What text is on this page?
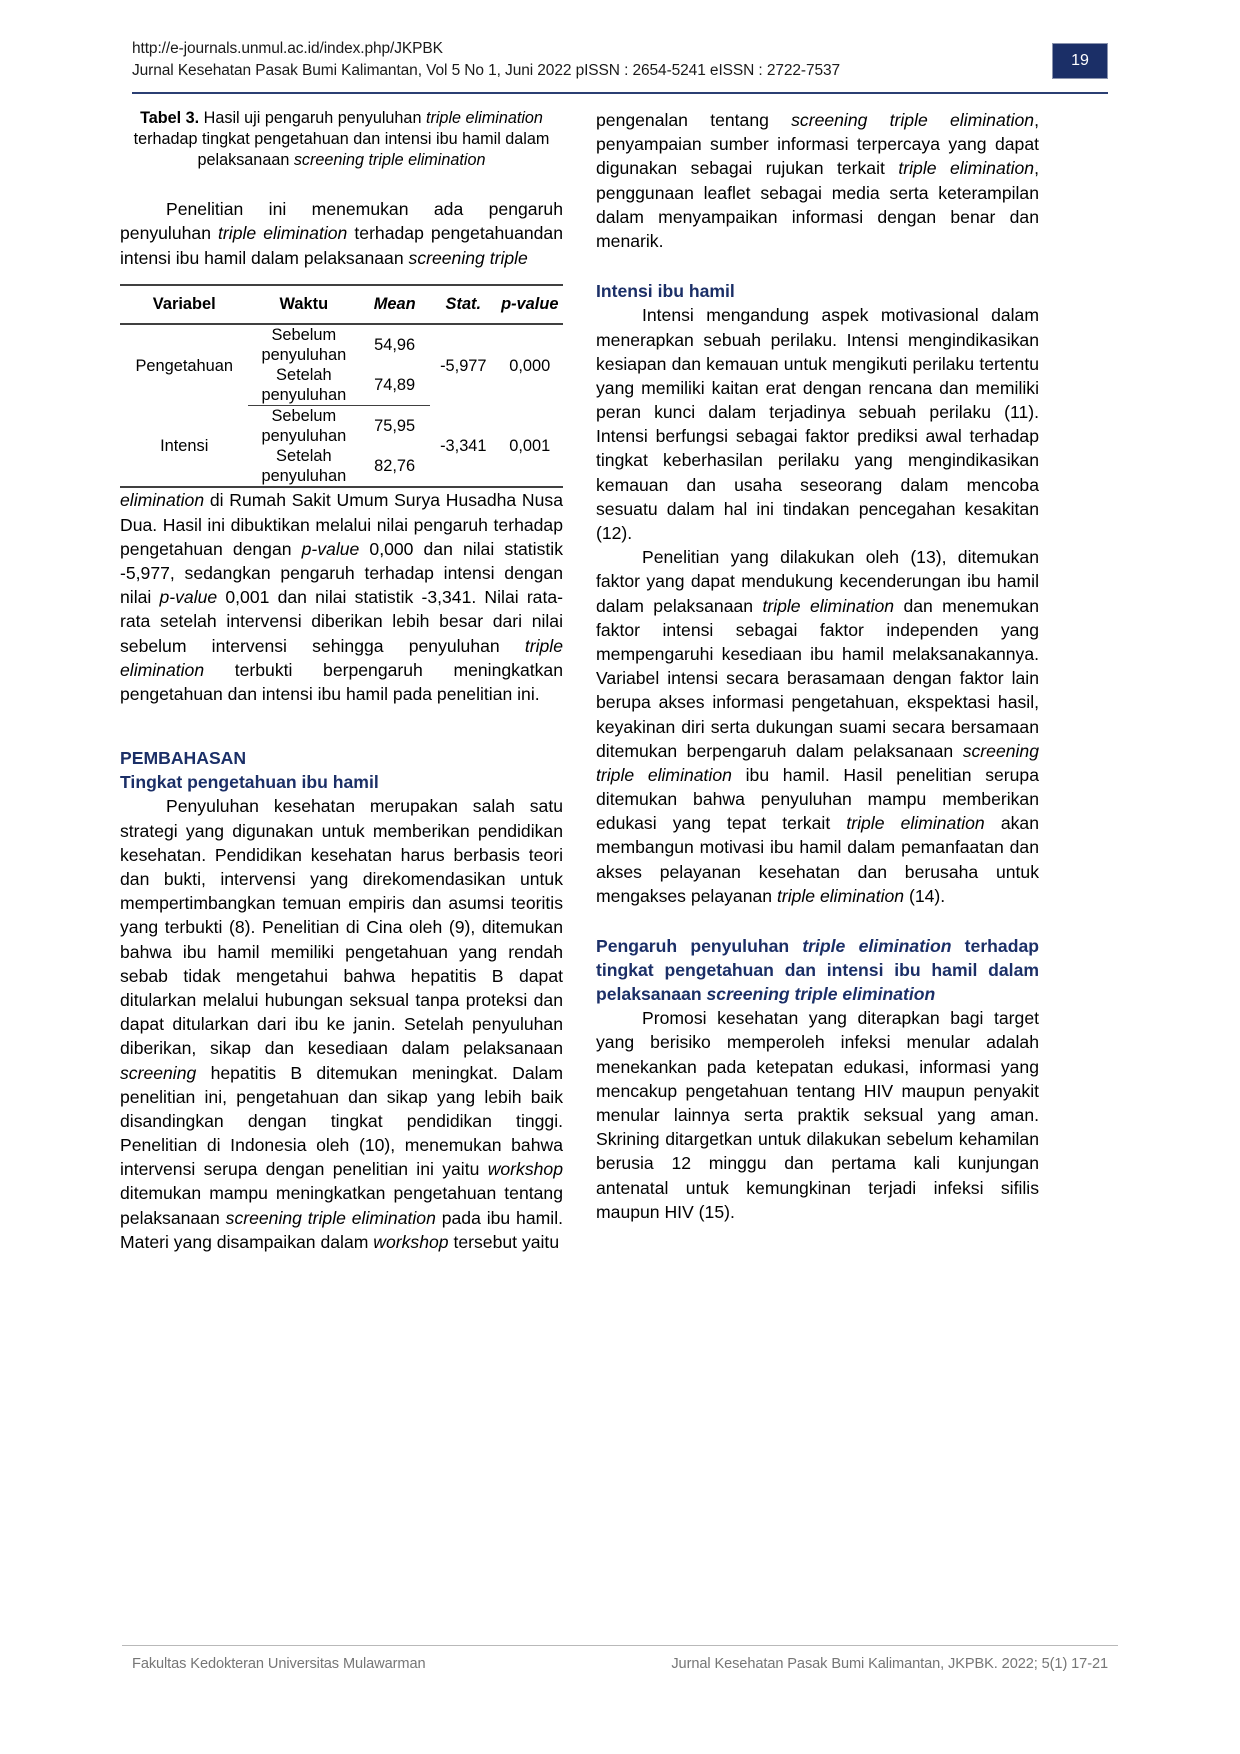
http://e-journals.unmul.ac.id/index.php/JKPBK
Jurnal Kesehatan Pasak Bumi Kalimantan, Vol 5 No 1, Juni 2022 pISSN : 2654-5241 eISSN : 2722-7537
19

Tabel 3. Hasil uji pengaruh penyuluhan triple elimination terhadap tingkat pengetahuan dan intensi ibu hamil dalam pelaksanaan screening triple elimination

Penelitian ini menemukan ada pengaruh penyuluhan triple elimination terhadap pengetahuandan intensi ibu hamil dalam pelaksanaan screening triple

Variabel	Waktu	Mean	Stat.	p-value
Pengetahuan	Sebelum penyuluhan	54,96	-5,977	0,000
	Setelah penyuluhan	74,89		
Intensi	Sebelum penyuluhan	75,95	-3,341	0,001
	Setelah penyuluhan	82,76		

elimination di Rumah Sakit Umum Surya Husadha Nusa Dua. Hasil ini dibuktikan melalui nilai pengaruh terhadap pengetahuan dengan p-value 0,000 dan nilai statistik -5,977, sedangkan pengaruh terhadap intensi dengan nilai p-value 0,001 dan nilai statistik -3,341. Nilai rata-rata setelah intervensi diberikan lebih besar dari nilai sebelum intervensi sehingga penyuluhan triple elimination terbukti berpengaruh meningkatkan pengetahuan dan intensi ibu hamil pada penelitian ini.

PEMBAHASAN
Tingkat pengetahuan ibu hamil

Penyuluhan kesehatan merupakan salah satu strategi yang digunakan untuk memberikan pendidikan kesehatan. Pendidikan kesehatan harus berbasis teori dan bukti, intervensi yang direkomendasikan untuk mempertimbangkan temuan empiris dan asumsi teoritis yang terbukti (8). Penelitian di Cina oleh (9), ditemukan bahwa ibu hamil memiliki pengetahuan yang rendah sebab tidak mengetahui bahwa hepatitis B dapat ditularkan melalui hubungan seksual tanpa proteksi dan dapat ditularkan dari ibu ke janin. Setelah penyuluhan diberikan, sikap dan kesediaan dalam pelaksanaan screening hepatitis B ditemukan meningkat. Dalam penelitian ini, pengetahuan dan sikap yang lebih baik disandingkan dengan tingkat pendidikan tinggi. Penelitian di Indonesia oleh (10), menemukan bahwa intervensi serupa dengan penelitian ini yaitu workshop ditemukan mampu meningkatkan pengetahuan tentang pelaksanaan screening triple elimination pada ibu hamil. Materi yang disampaikan dalam workshop tersebut yaitu

pengenalan tentang screening triple elimination, penyampaian sumber informasi terpercaya yang dapat digunakan sebagai rujukan terkait triple elimination, penggunaan leaflet sebagai media serta keterampilan dalam menyampaikan informasi dengan benar dan menarik.

Intensi ibu hamil

Intensi mengandung aspek motivasional dalam menerapkan sebuah perilaku. Intensi mengindikasikan kesiapan dan kemauan untuk mengikuti perilaku tertentu yang memiliki kaitan erat dengan rencana dan memiliki peran kunci dalam terjadinya sebuah perilaku (11). Intensi berfungsi sebagai faktor prediksi awal terhadap tingkat keberhasilan perilaku yang mengindikasikan kemauan dan usaha seseorang dalam mencoba sesuatu dalam hal ini tindakan pencegahan kesakitan (12).

Penelitian yang dilakukan oleh (13), ditemukan faktor yang dapat mendukung kecenderungan ibu hamil dalam pelaksanaan triple elimination dan menemukan faktor intensi sebagai faktor independen yang mempengaruhi kesediaan ibu hamil melaksanakannya. Variabel intensi secara berasamaan dengan faktor lain berupa akses informasi pengetahuan, ekspektasi hasil, keyakinan diri serta dukungan suami secara bersamaan ditemukan berpengaruh dalam pelaksanaan screening triple elimination ibu hamil. Hasil penelitian serupa ditemukan bahwa penyuluhan mampu memberikan edukasi yang tepat terkait triple elimination akan membangun motivasi ibu hamil dalam pemanfaatan dan akses pelayanan kesehatan dan berusaha untuk mengakses pelayanan triple elimination (14).

Pengaruh penyuluhan triple elimination terhadap tingkat pengetahuan dan intensi ibu hamil dalam pelaksanaan screening triple elimination

Promosi kesehatan yang diterapkan bagi target yang berisiko memperoleh infeksi menular adalah menekankan pada ketepatan edukasi, informasi yang mencakup pengetahuan tentang HIV maupun penyakit menular lainnya serta praktik seksual yang aman. Skrining ditargetkan untuk dilakukan sebelum kehamilan berusia 12 minggu dan pertama kali kunjungan antenatal untuk kemungkinan terjadi infeksi sifilis maupun HIV (15).

Fakultas Kedokteran Universitas Mulawarman	Jurnal Kesehatan Pasak Bumi Kalimantan, JKPBK. 2022; 5(1) 17-21
